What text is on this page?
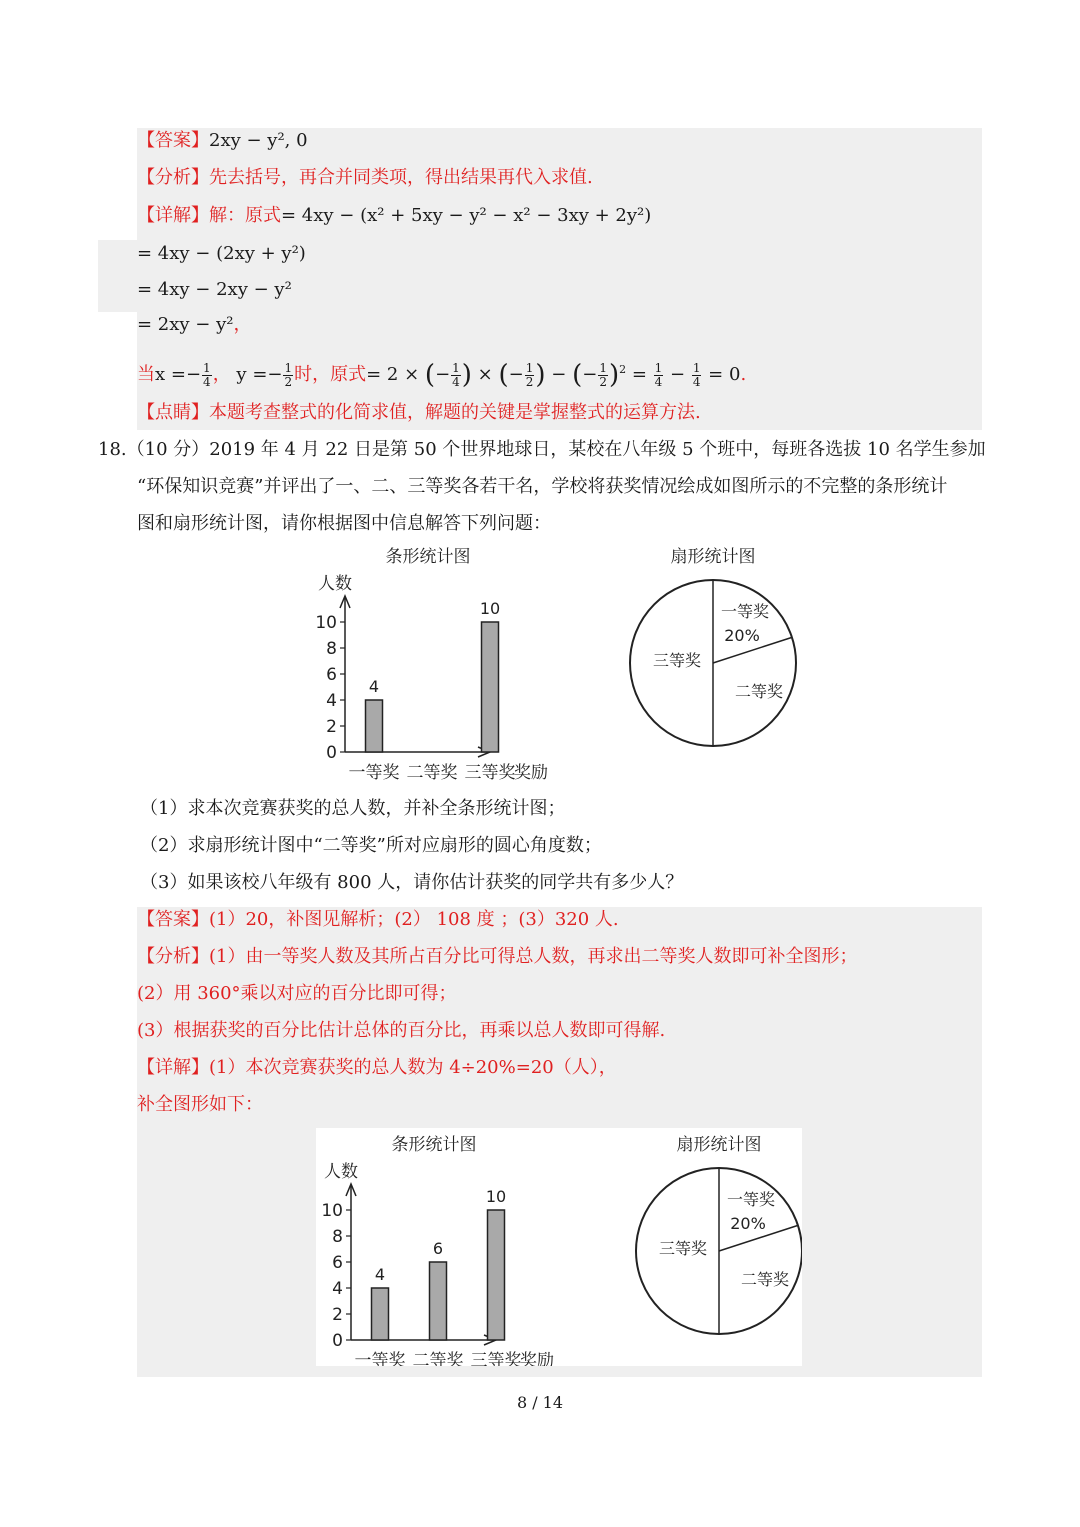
【答案】2xy − y², 0
【分析】先去括号，再合并同类项，得出结果再代入求值.
【详解】解：原式= 4xy − (x² + 5xy − y² − x² − 3xy + 2y²)
= 4xy − (2xy + y²)
= 4xy − 2xy − y²
= 2xy − y²，
当$x =- \frac{1}{4}$ ， $y =- \frac{1}{2}$ 时，原式= 2 × (− $\frac{1}{4}$ ) × (− $\frac{1}{2}$ ) − (− $\frac{1}{2} )^2 = \frac{1}{4} - \frac{1}{4} = 0$.
【点睛】本题考查整式的化简求值，解题的关键是掌握整式的运算方法.
18.（10 分）2019 年 4 月 22 日是第 50 个世界地球日，某校在八年级 5 个班中，每班各选拔 10 名学生参加
“环保知识竞赛”并评出了一、二、三等奖各若干名，学校将获奖情况绘成如图所示的不完整的条形统计
图和扇形统计图，请你根据图中信息解答下列问题：
条形统计图
人数
0
2
4
6
8
10
4
一等奖 二等奖
10
三等奖
奖励
扇形统计图
一等奖
20%
二等奖
三等奖
（1）求本次竞赛获奖的总人数，并补全条形统计图；
（2）求扇形统计图中“二等奖”所对应扇形的圆心角度数；
（3）如果该校八年级有 800 人，请你估计获奖的同学共有多少人？
【答案】(1）20，补图见解析；(2） 108 度 ；(3）320 人.
【分析】(1）由一等奖人数及其所占百分比可得总人数，再求出二等奖人数即可补全图形；
(2）用 360°乘以对应的百分比即可得；
(3）根据获奖的百分比估计总体的百分比，再乘以总人数即可得解.
【详解】(1）本次竞赛获奖的总人数为 4÷20%=20（人），
补全图形如下：
条形统计图
人数
0
2
4
6
8
10
4
一等奖
6
二等奖
10
三等奖
奖励
扇形统计图
一等奖
20%
二等奖
三等奖
8 / 14
